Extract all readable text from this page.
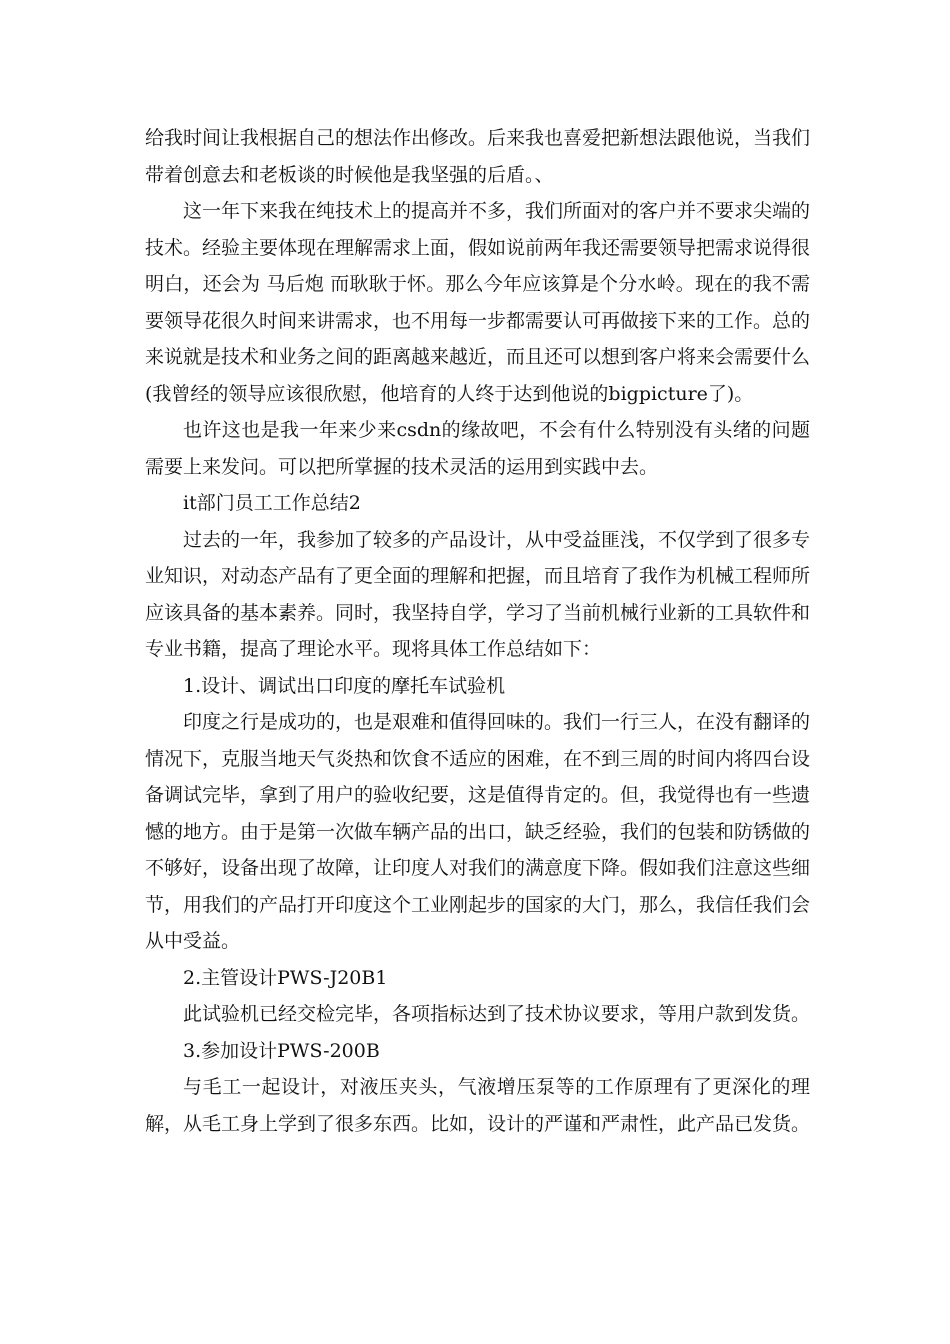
给我时间让我根据自己的想法作出修改。后来我也喜爱把新想法跟他说，当我们带着创意去和老板谈的时候他是我坚强的后盾。、

这一年下来我在纯技术上的提高并不多，我们所面对的客户并不要求尖端的技术。经验主要体现在理解需求上面，假如说前两年我还需要领导把需求说得很明白，还会为 马后炮 而耿耿于怀。那么今年应该算是个分水岭。现在的我不需要领导花很久时间来讲需求，也不用每一步都需要认可再做接下来的工作。总的来说就是技术和业务之间的距离越来越近，而且还可以想到客户将来会需要什么(我曾经的领导应该很欣慰，他培育的人终于达到他说的bigpicture了)。

也许这也是我一年来少来csdn的缘故吧，不会有什么特别没有头绪的问题需要上来发问。可以把所掌握的技术灵活的运用到实践中去。

it部门员工工作总结2

过去的一年，我参加了较多的产品设计，从中受益匪浅，不仅学到了很多专业知识，对动态产品有了更全面的理解和把握，而且培育了我作为机械工程师所应该具备的基本素养。同时，我坚持自学，学习了当前机械行业新的工具软件和专业书籍，提高了理论水平。现将具体工作总结如下：

1.设计、调试出口印度的摩托车试验机

印度之行是成功的，也是艰难和值得回味的。我们一行三人，在没有翻译的情况下，克服当地天气炎热和饮食不适应的困难，在不到三周的时间内将四台设备调试完毕，拿到了用户的验收纪要，这是值得肯定的。但，我觉得也有一些遗憾的地方。由于是第一次做车辆产品的出口，缺乏经验，我们的包装和防锈做的不够好，设备出现了故障，让印度人对我们的满意度下降。假如我们注意这些细节，用我们的产品打开印度这个工业刚起步的国家的大门，那么，我信任我们会从中受益。

2.主管设计PWS-J20B1

此试验机已经交检完毕，各项指标达到了技术协议要求，等用户款到发货。

3.参加设计PWS-200B

与毛工一起设计，对液压夹头，气液增压泵等的工作原理有了更深化的理解，从毛工身上学到了很多东西。比如，设计的严谨和严肃性，此产品已发货。
